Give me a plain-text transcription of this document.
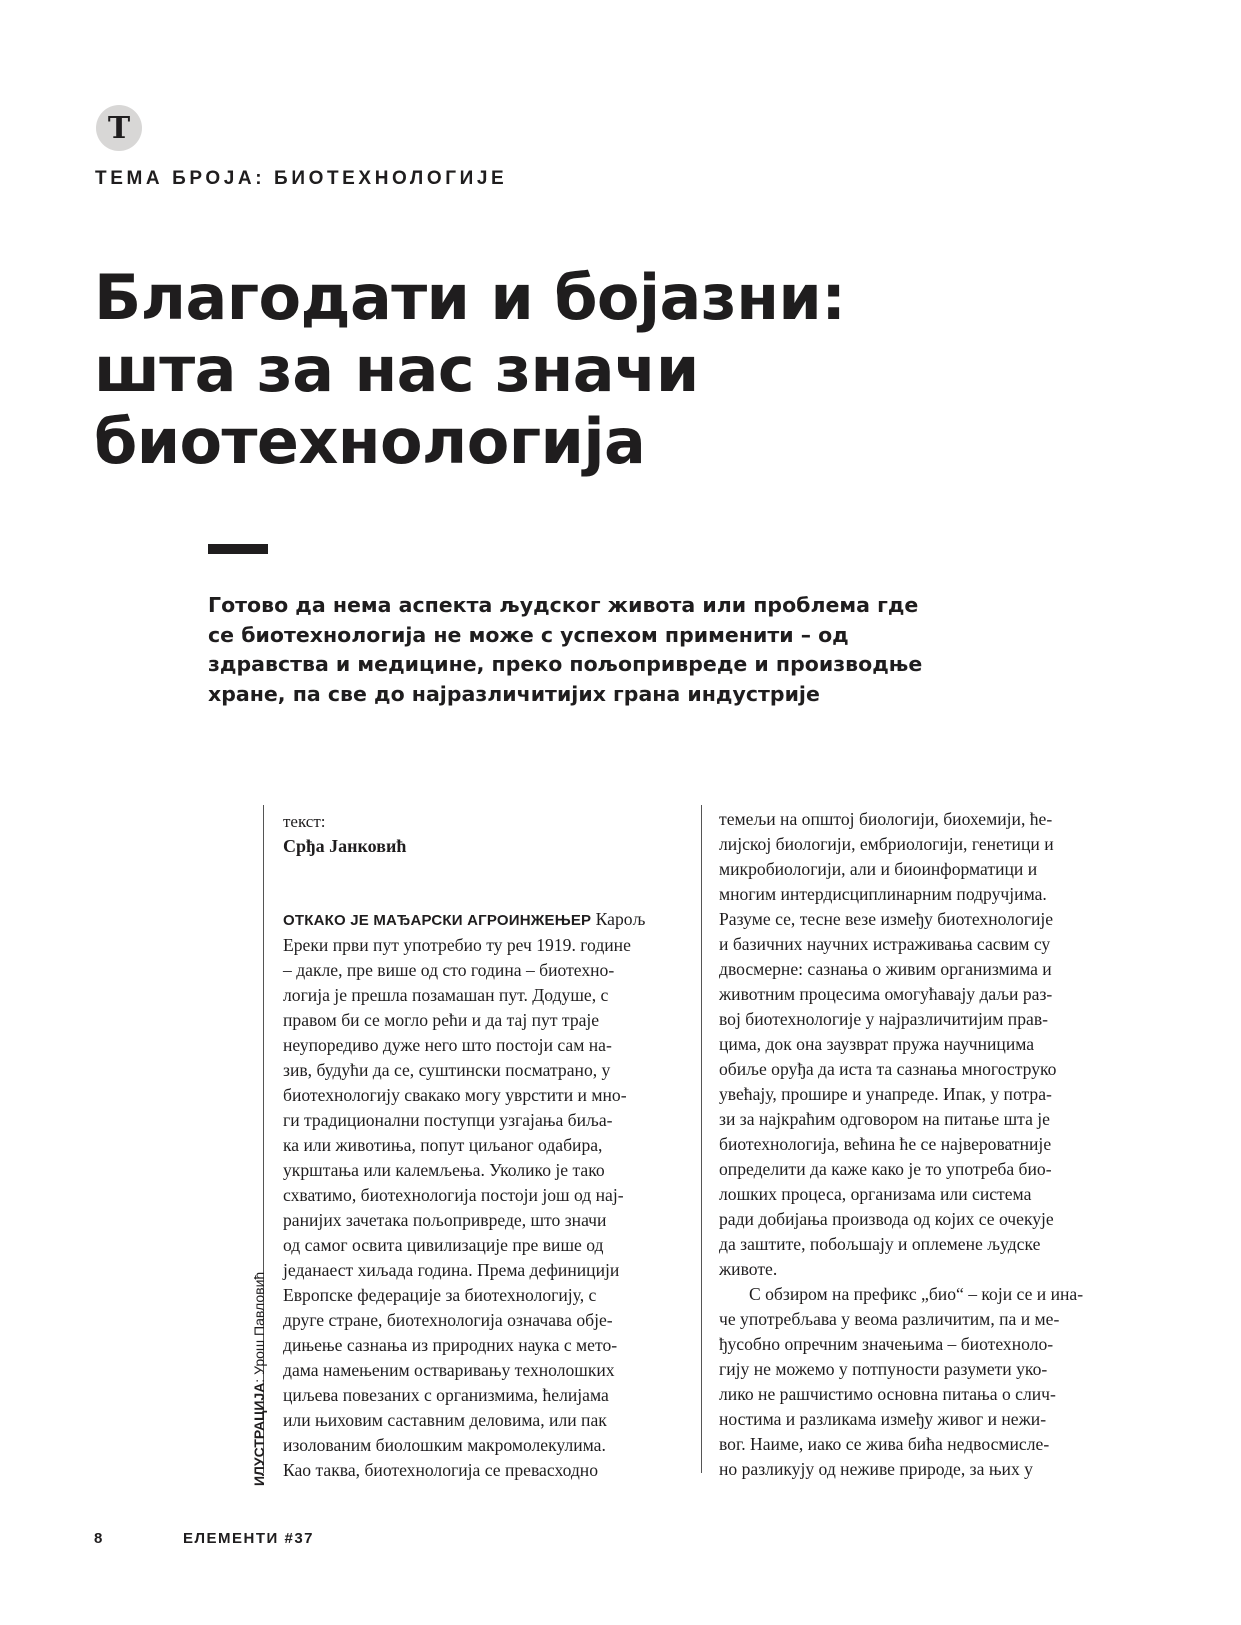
T
ТЕМА БРОЈА: БИОТЕХНОЛОГИЈЕ
Благодати и бојазни:
шта за нас значи
биотехнологија
Готово да нема аспекта људског живота или проблема где
се биотехнологија не може с успехом применити – од
здравства и медицине, преко пољопривреде и производње
хране, па све до најразличитијих грана индустрије
текст:
Срђа Јанковић
ОТКАКО ЈЕ МАЂАРСКИ АГРОИНЖЕЊЕР Карољ
Ереки први пут употребио ту реч 1919. године
– дакле, пре више од сто година – биотехно-
логија је прешла позамашан пут. Додуше, с
правом би се могло рећи и да тај пут траје
неупоредиво дуже него што постоји сам на-
зив, будући да се, суштински посматрано, у
биотехнологију свакако могу уврстити и мно-
ги традиционални поступци узгајања биља-
ка или животиња, попут циљаног одабира,
укрштања или калемљења. Уколико је тако
схватимо, биотехнологија постоји још од нај-
ранијих зачетака пољопривреде, што значи
од самог освита цивилизације пре више од
једанаест хиљада година. Према дефиницији
Европске федерације за биотехнологију, с
друге стране, биотехнологија означава обје-
дињење сазнања из природних наука с мето-
дама намењеним остваривању технолошких
циљева повезаних с организмима, ћелијама
или њиховим саставним деловима, или пак
изолованим биолошким макромолекулима.
Као таква, биотехнологија се превасходно
темељи на општој биологији, биохемији, ће-
лијској биологији, ембриологији, генетици и
микробиологији, али и биоинформатици и
многим интердисциплинарним подручјима.
Разуме се, тесне везе између биотехнологије
и базичних научних истраживања сасвим су
двосмерне: сазнања о живим организмима и
животним процесима омогућавају даљи раз-
вој биотехнологије у најразличитијим прав-
цима, док она заузврат пружа научницима
обиље оруђа да иста та сазнања многоструко
увећају, прошире и унапреде. Ипак, у потра-
зи за најкраћим одговором на питање шта је
биотехнологија, већина ће се највероватније
определити да каже како је то употреба био-
лошких процеса, организама или система
ради добијања производа од којих се очекује
да заштите, побољшају и оплемене људске
животе.
С обзиром на префикс „био“ – који се и ина-
че употребљава у веома различитим, па и ме-
ђусобно опречним значењима – биотехноло-
гију не можемо у потпуности разумети уко-
лико не рашчистимо основна питања о слич-
ностима и разликама између живог и нежи-
вог. Наиме, иако се жива бића недвосмисле-
но разликују од неживе природе, за њих у
ИЛУСТРАЦИЈА: Урош Павловић
8	ЕЛЕМЕНТИ #37
